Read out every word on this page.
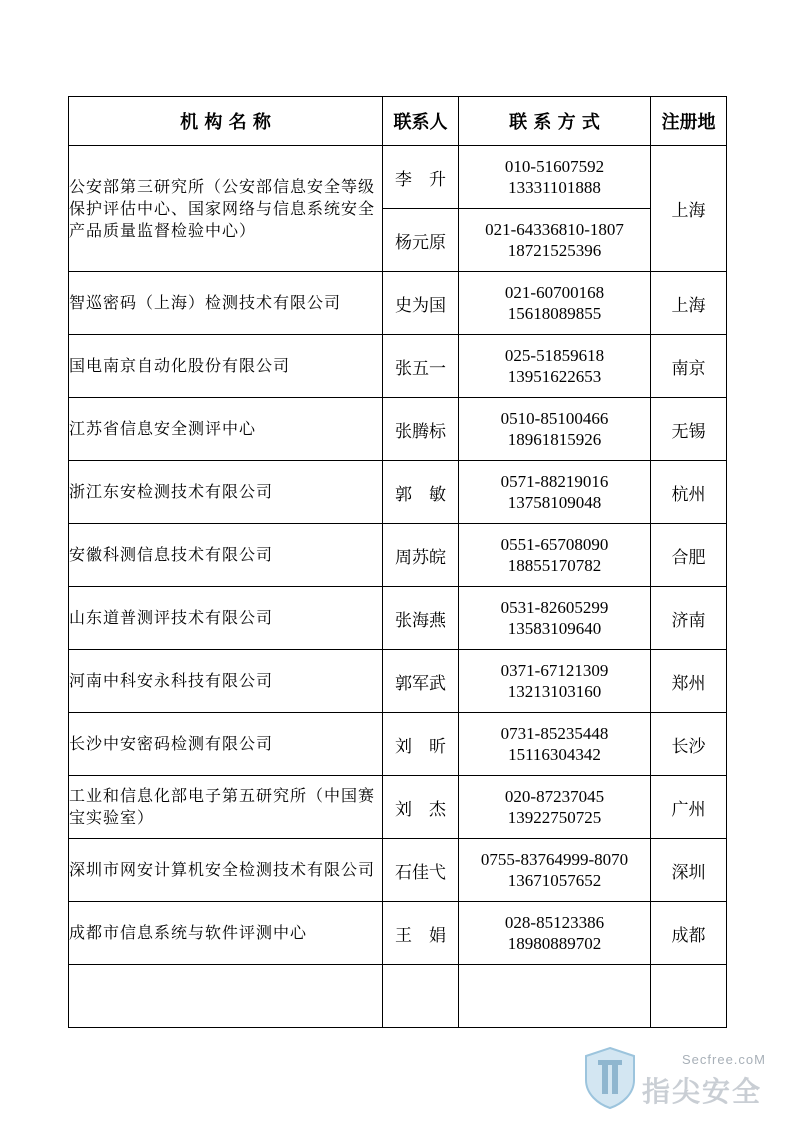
机 构 名 称	联系人	联 系 方 式	注册地
公安部第三研究所（公安部信息安全等级保护评估中心、国家网络与信息系统安全产品质量监督检验中心）	李　升	010-51607592
13331101888	上海
	杨元原	021-64336810-1807
18721525396	

智巡密码（上海）检测技术有限公司	史为国	021-60700168
15618089855	上海
国电南京自动化股份有限公司	张五一	025-51859618
13951622653	南京
江苏省信息安全测评中心	张腾标	0510-85100466
18961815926	无锡
浙江东安检测技术有限公司	郭　敏	0571-88219016
13758109048	杭州
安徽科测信息技术有限公司	周苏皖	0551-65708090
18855170782	合肥
山东道普测评技术有限公司	张海燕	0531-82605299
13583109640	济南
河南中科安永科技有限公司	郭军武	0371-67121309
13213103160	郑州
长沙中安密码检测有限公司	刘　昕	0731-85235448
15116304342	长沙
工业和信息化部电子第五研究所（中国赛宝实验室）	刘　杰	020-87237045
13922750725	广州
深圳市网安计算机安全检测技术有限公司	石佳弋	0755-83764999-8070
13671057652	深圳
成都市信息系统与软件评测中心	王　娟	028-85123386
18980889702	成都

Secfree.coM
指尖安全
